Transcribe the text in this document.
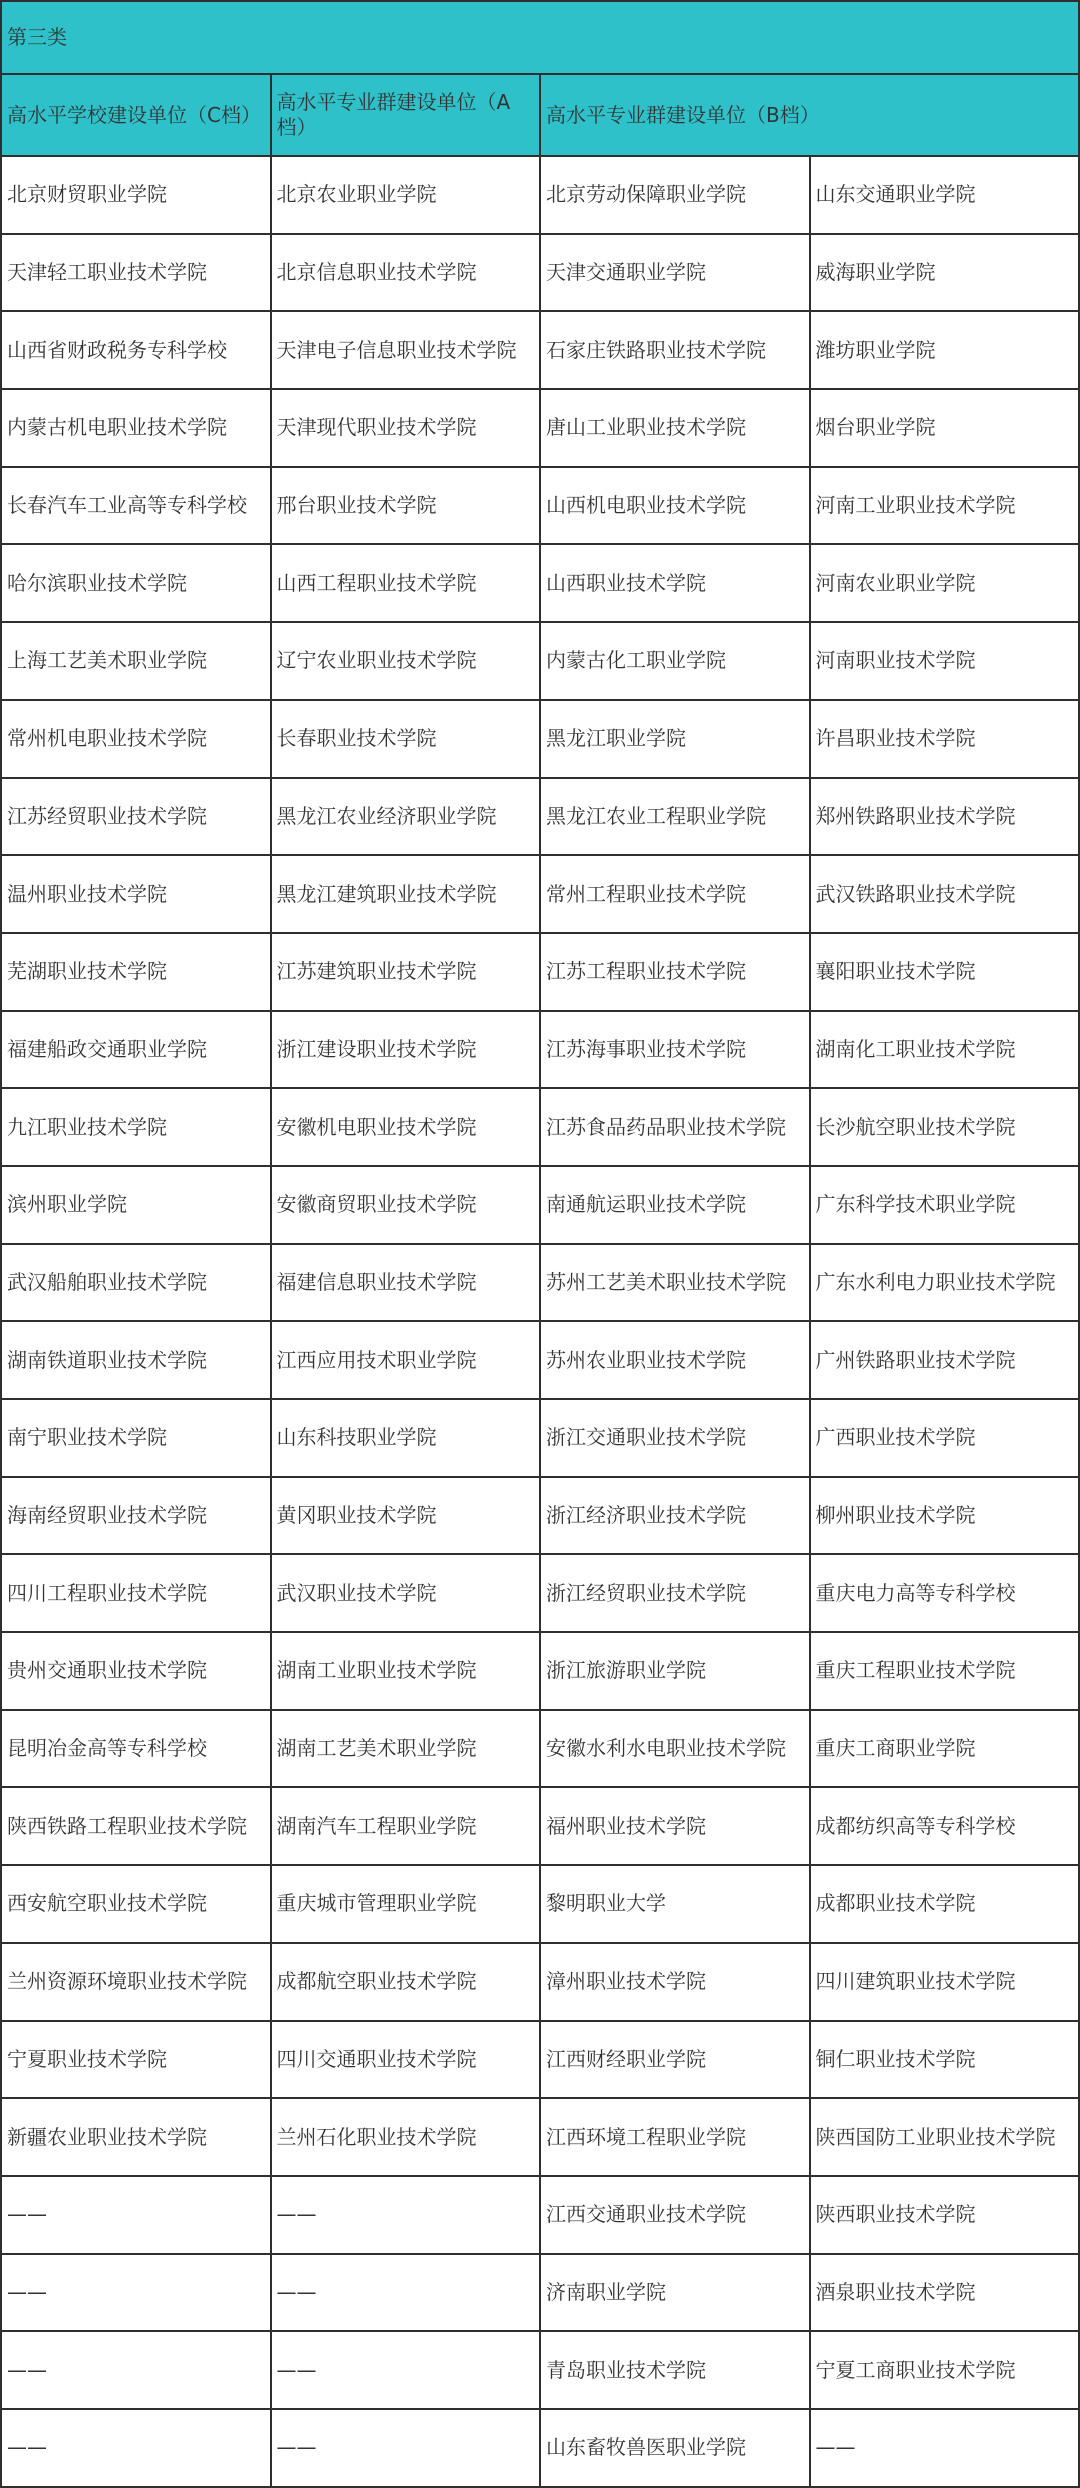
第三类			
高水平学校建设单位（C档）	高水平专业群建设单位（A档）	高水平专业群建设单位（B档）	
北京财贸职业学院	北京农业职业学院	北京劳动保障职业学院	山东交通职业学院
天津轻工职业技术学院	北京信息职业技术学院	天津交通职业学院	威海职业学院
山西省财政税务专科学校	天津电子信息职业技术学院	石家庄铁路职业技术学院	潍坊职业学院
内蒙古机电职业技术学院	天津现代职业技术学院	唐山工业职业技术学院	烟台职业学院
长春汽车工业高等专科学校	邢台职业技术学院	山西机电职业技术学院	河南工业职业技术学院
哈尔滨职业技术学院	山西工程职业技术学院	山西职业技术学院	河南农业职业学院
上海工艺美术职业学院	辽宁农业职业技术学院	内蒙古化工职业学院	河南职业技术学院
常州机电职业技术学院	长春职业技术学院	黑龙江职业学院	许昌职业技术学院
江苏经贸职业技术学院	黑龙江农业经济职业学院	黑龙江农业工程职业学院	郑州铁路职业技术学院
温州职业技术学院	黑龙江建筑职业技术学院	常州工程职业技术学院	武汉铁路职业技术学院
芜湖职业技术学院	江苏建筑职业技术学院	江苏工程职业技术学院	襄阳职业技术学院
福建船政交通职业学院	浙江建设职业技术学院	江苏海事职业技术学院	湖南化工职业技术学院
九江职业技术学院	安徽机电职业技术学院	江苏食品药品职业技术学院	长沙航空职业技术学院
滨州职业学院	安徽商贸职业技术学院	南通航运职业技术学院	广东科学技术职业学院
武汉船舶职业技术学院	福建信息职业技术学院	苏州工艺美术职业技术学院	广东水利电力职业技术学院
湖南铁道职业技术学院	江西应用技术职业学院	苏州农业职业技术学院	广州铁路职业技术学院
南宁职业技术学院	山东科技职业学院	浙江交通职业技术学院	广西职业技术学院
海南经贸职业技术学院	黄冈职业技术学院	浙江经济职业技术学院	柳州职业技术学院
四川工程职业技术学院	武汉职业技术学院	浙江经贸职业技术学院	重庆电力高等专科学校
贵州交通职业技术学院	湖南工业职业技术学院	浙江旅游职业学院	重庆工程职业技术学院
昆明冶金高等专科学校	湖南工艺美术职业学院	安徽水利水电职业技术学院	重庆工商职业学院
陕西铁路工程职业技术学院	湖南汽车工程职业学院	福州职业技术学院	成都纺织高等专科学校
西安航空职业技术学院	重庆城市管理职业学院	黎明职业大学	成都职业技术学院
兰州资源环境职业技术学院	成都航空职业技术学院	漳州职业技术学院	四川建筑职业技术学院
宁夏职业技术学院	四川交通职业技术学院	江西财经职业学院	铜仁职业技术学院
新疆农业职业技术学院	兰州石化职业技术学院	江西环境工程职业学院	陕西国防工业职业技术学院
——	——	江西交通职业技术学院	陕西职业技术学院
——	——	济南职业学院	酒泉职业技术学院
——	——	青岛职业技术学院	宁夏工商职业技术学院
——	——	山东畜牧兽医职业学院	——
